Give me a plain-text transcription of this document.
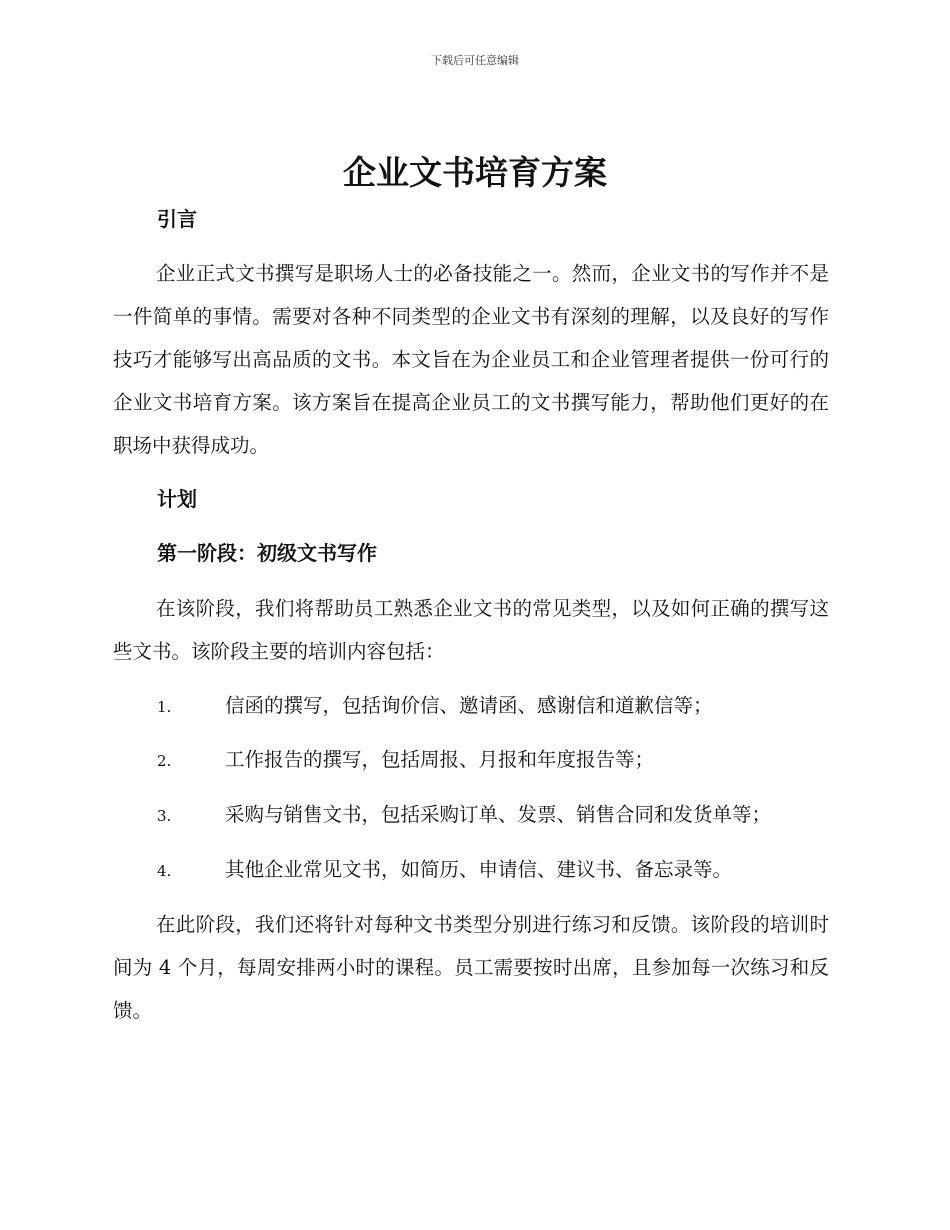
下载后可任意编辑
企业文书培育方案
引言

企业正式文书撰写是职场人士的必备技能之一。然而，企业文书的写作并不是一件简单的事情。需要对各种不同类型的企业文书有深刻的理解，以及良好的写作技巧才能够写出高品质的文书。本文旨在为企业员工和企业管理者提供一份可行的企业文书培育方案。该方案旨在提高企业员工的文书撰写能力，帮助他们更好的在职场中获得成功。

计划
第一阶段：初级文书写作

在该阶段，我们将帮助员工熟悉企业文书的常见类型，以及如何正确的撰写这些文书。该阶段主要的培训内容包括：

1.	信函的撰写，包括询价信、邀请函、感谢信和道歉信等；
2.	工作报告的撰写，包括周报、月报和年度报告等；
3.	采购与销售文书，包括采购订单、发票、销售合同和发货单等；
4.	其他企业常见文书，如简历、申请信、建议书、备忘录等。

在此阶段，我们还将针对每种文书类型分别进行练习和反馈。该阶段的培训时间为 4 个月，每周安排两小时的课程。员工需要按时出席，且参加每一次练习和反馈。
